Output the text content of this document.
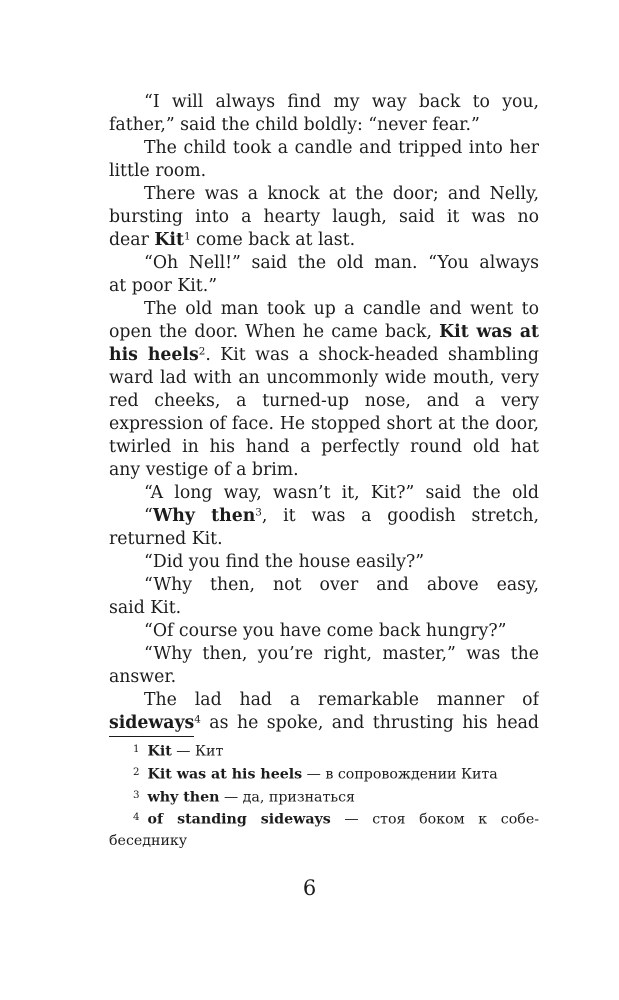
“I will always find my way back to you,
father,” said the child boldly: “never fear.”
The child took a candle and tripped into her
little room.
There was a knock at the door; and Nelly,
bursting into a hearty laugh, said it was no
dear Kit$^1$ come back at last.
“Oh Nell!” said the old man. “You always
at poor Kit.”
The old man took up a candle and went to
open the door. When he came back, Kit was at
his heels$^2$. Kit was a shock-headed shambling
ward lad with an uncommonly wide mouth, very
red cheeks, a turned-up nose, and a very
expression of face. He stopped short at the door,
twirled in his hand a perfectly round old hat
any vestige of a brim.
“A long way, wasn’t it, Kit?” said the old
“Why then$^3$, it was a goodish stretch,
returned Kit.
“Did you find the house easily?”
“Why then, not over and above easy,
said Kit.
“Of course you have come back hungry?”
“Why then, you’re right, master,” was the
answer.
The lad had a remarkable manner of
sideways$^4$ as he spoke, and thrusting his head
$^1$ Kit — Кит
$^2$ Kit was at his heels — в сопровождении Кита
$^3$ why then — да, признаться
$^4$ of standing sideways — стоя боком к собе-
беседнику
6
